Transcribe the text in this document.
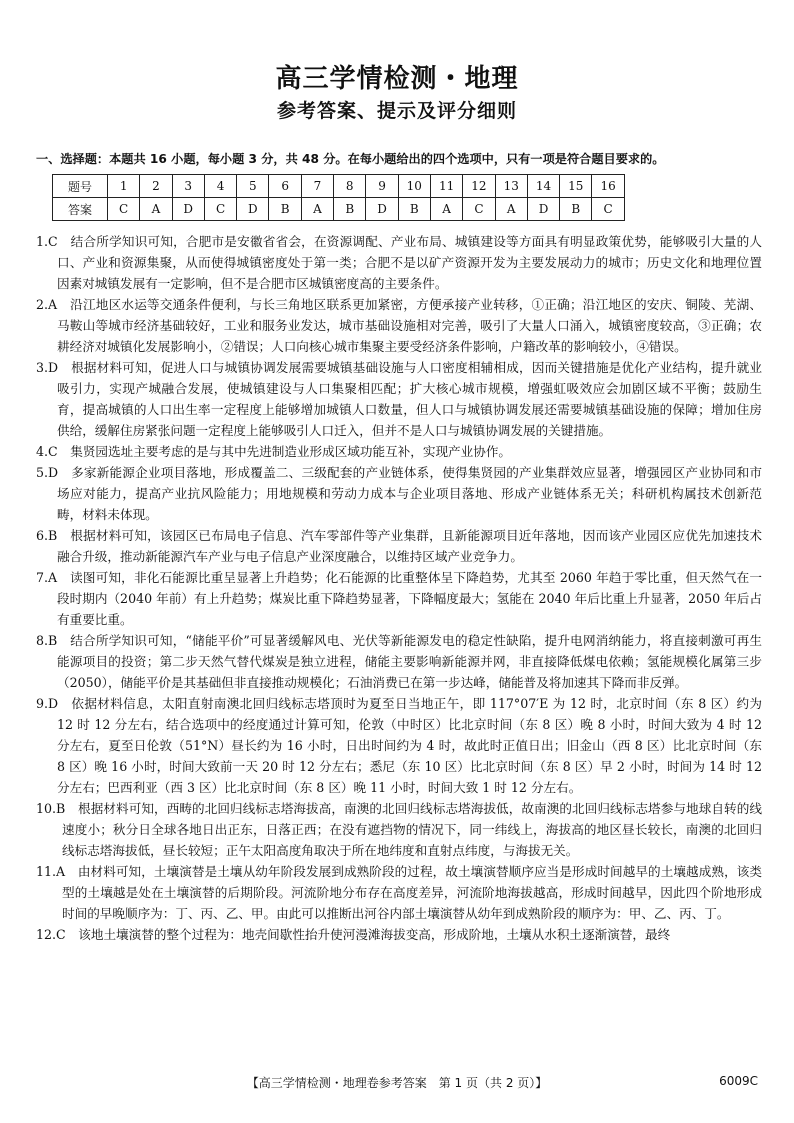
高三学情检测・地理
参考答案、提示及评分细则
一、选择题：本题共 16 小题，每小题 3 分，共 48 分。在每小题给出的四个选项中，只有一项是符合题目要求的。
题号	1	2	3	4	5	6	7	8	9	10	11	12	13	14	15	16
答案	C	A	D	C	D	B	A	B	D	B	A	C	A	D	B	C

1.C　结合所学知识可知，合肥市是安徽省省会，在资源调配、产业布局、城镇建设等方面具有明显政策优势，能够吸引大量的人口、产业和资源集聚，从而使得城镇密度处于第一类；合肥不是以矿产资源开发为主要发展动力的城市；历史文化和地理位置因素对城镇发展有一定影响，但不是合肥市区城镇密度高的主要条件。

2.A　沿江地区水运等交通条件便利，与长三角地区联系更加紧密，方便承接产业转移，①正确；沿江地区的安庆、铜陵、芜湖、马鞍山等城市经济基础较好，工业和服务业发达，城市基础设施相对完善，吸引了大量人口涌入，城镇密度较高，③正确；农耕经济对城镇化发展影响小，②错误；人口向核心城市集聚主要受经济条件影响，户籍改革的影响较小，④错误。

3.D　根据材料可知，促进人口与城镇协调发展需要城镇基础设施与人口密度相辅相成，因而关键措施是优化产业结构，提升就业吸引力，实现产城融合发展，使城镇建设与人口集聚相匹配；扩大核心城市规模，增强虹吸效应会加剧区域不平衡；鼓励生育，提高城镇的人口出生率一定程度上能够增加城镇人口数量，但人口与城镇协调发展还需要城镇基础设施的保障；增加住房供给，缓解住房紧张问题一定程度上能够吸引人口迁入，但并不是人口与城镇协调发展的关键措施。

4.C　集贤园选址主要考虑的是与其中先进制造业形成区域功能互补，实现产业协作。

5.D　多家新能源企业项目落地，形成覆盖二、三级配套的产业链体系，使得集贤园的产业集群效应显著，增强园区产业协同和市场应对能力，提高产业抗风险能力；用地规模和劳动力成本与企业项目落地、形成产业链体系无关；科研机构属技术创新范畴，材料未体现。

6.B　根据材料可知，该园区已布局电子信息、汽车零部件等产业集群，且新能源项目近年落地，因而该产业园区应优先加速技术融合升级，推动新能源汽车产业与电子信息产业深度融合，以维持区域产业竞争力。

7.A　读图可知，非化石能源比重呈显著上升趋势；化石能源的比重整体呈下降趋势，尤其至 2060 年趋于零比重，但天然气在一段时期内（2040 年前）有上升趋势；煤炭比重下降趋势显著，下降幅度最大；氢能在 2040 年后比重上升显著，2050 年后占有重要比重。

8.B　结合所学知识可知，“储能平价”可显著缓解风电、光伏等新能源发电的稳定性缺陷，提升电网消纳能力，将直接刺激可再生能源项目的投资；第二步天然气替代煤炭是独立进程，储能主要影响新能源并网，非直接降低煤电依赖；氢能规模化属第三步（2050），储能平价是其基础但非直接推动规模化；石油消费已在第一步达峰，储能普及将加速其下降而非反弹。

9.D　依据材料信息，太阳直射南澳北回归线标志塔顶时为夏至日当地正午，即 117°07′E 为 12 时，北京时间（东 8 区）约为 12 时 12 分左右，结合选项中的经度通过计算可知，伦敦（中时区）比北京时间（东 8 区）晚 8 小时，时间大致为 4 时 12 分左右，夏至日伦敦（51°N）昼长约为 16 小时，日出时间约为 4 时，故此时正值日出；旧金山（西 8 区）比北京时间（东 8 区）晚 16 小时，时间大致前一天 20 时 12 分左右；悉尼（东 10 区）比北京时间（东 8 区）早 2 小时，时间为 14 时 12 分左右；巴西利亚（西 3 区）比北京时间（东 8 区）晚 11 小时，时间大致 1 时 12 分左右。

10.B　根据材料可知，西畴的北回归线标志塔海拔高，南澳的北回归线标志塔海拔低，故南澳的北回归线标志塔参与地球自转的线速度小；秋分日全球各地日出正东，日落正西；在没有遮挡物的情况下，同一纬线上，海拔高的地区昼长较长，南澳的北回归线标志塔海拔低，昼长较短；正午太阳高度角取决于所在地纬度和直射点纬度，与海拔无关。

11.A　由材料可知，土壤演替是土壤从幼年阶段发展到成熟阶段的过程，故土壤演替顺序应当是形成时间越早的土壤越成熟，该类型的土壤越是处在土壤演替的后期阶段。河流阶地分布存在高度差异，河流阶地海拔越高，形成时间越早，因此四个阶地形成时间的早晚顺序为：丁、丙、乙、甲。由此可以推断出河谷内部土壤演替从幼年到成熟阶段的顺序为：甲、乙、丙、丁。

12.C　该地土壤演替的整个过程为：地壳间歇性抬升使河漫滩海拔变高，形成阶地，土壤从水积土逐渐演替，最终

【高三学情检测・地理卷参考答案　第 1 页（共 2 页）】	6009C
